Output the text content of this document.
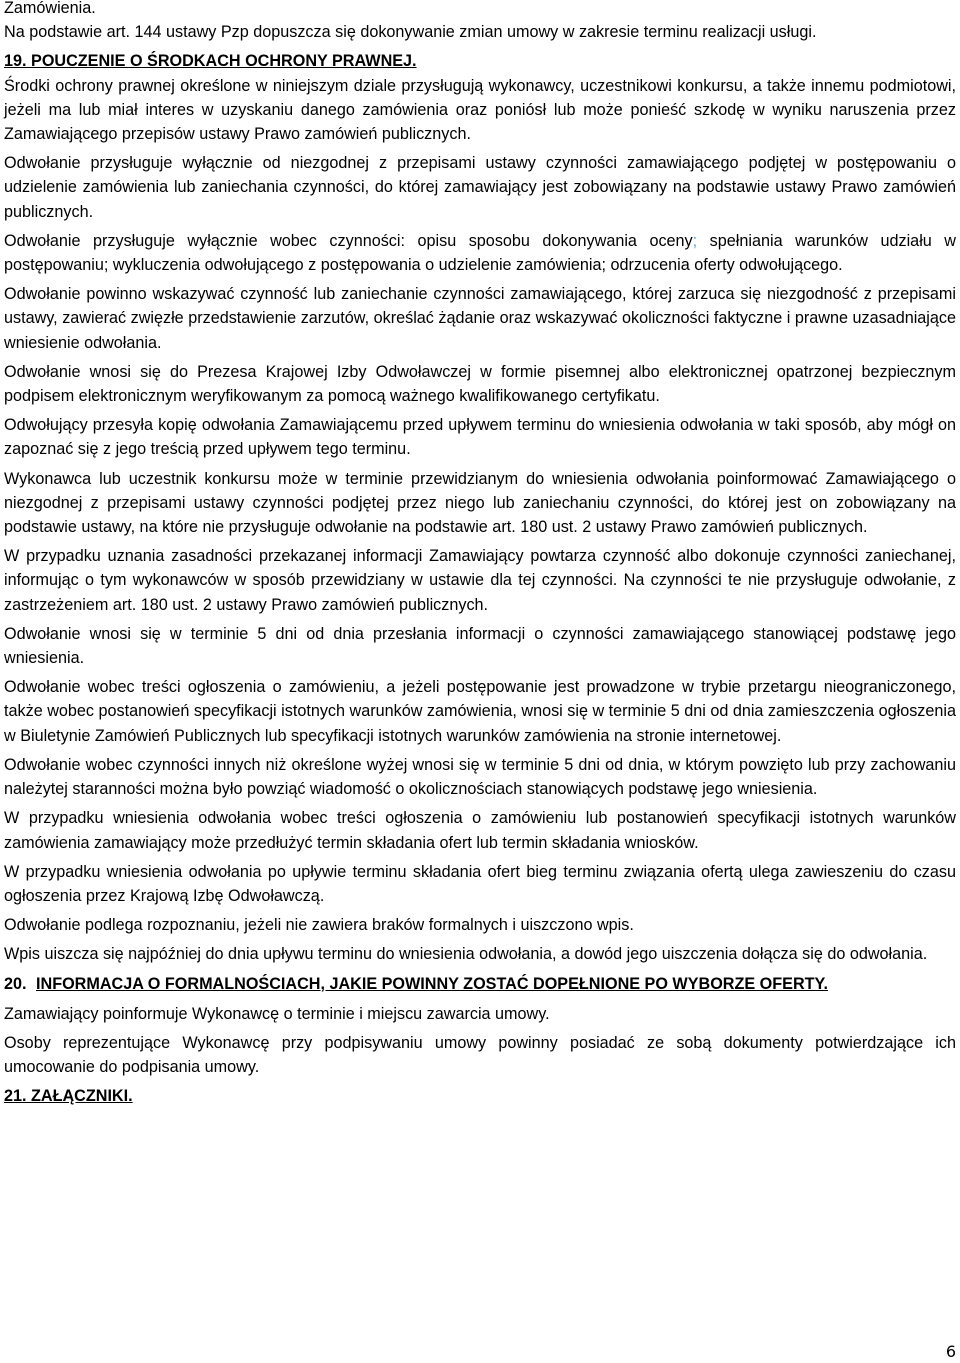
Zamówienia.

Na podstawie art. 144 ustawy Pzp dopuszcza się dokonywanie zmian umowy w zakresie terminu realizacji usługi.

19. POUCZENIE O ŚRODKACH OCHRONY PRAWNEJ.

Środki ochrony prawnej określone w niniejszym dziale przysługują wykonawcy, uczestnikowi konkursu, a także innemu podmiotowi, jeżeli ma lub miał interes w uzyskaniu danego zamówienia oraz poniósł lub może ponieść szkodę w wyniku naruszenia przez Zamawiającego przepisów ustawy Prawo zamówień publicznych.

Odwołanie przysługuje wyłącznie od niezgodnej z przepisami ustawy czynności zamawiającego podjętej w postępowaniu o udzielenie zamówienia lub zaniechania czynności, do której zamawiający jest zobowiązany na podstawie ustawy Prawo zamówień publicznych.

Odwołanie przysługuje wyłącznie wobec czynności: opisu sposobu dokonywania oceny; spełniania warunków udziału w postępowaniu; wykluczenia odwołującego z postępowania o udzielenie zamówienia; odrzucenia oferty odwołującego.

Odwołanie powinno wskazywać czynność lub zaniechanie czynności zamawiającego, której zarzuca się niezgodność z przepisami ustawy, zawierać zwięzłe przedstawienie zarzutów, określać żądanie oraz wskazywać okoliczności faktyczne i prawne uzasadniające wniesienie odwołania.

Odwołanie wnosi się do Prezesa Krajowej Izby Odwoławczej w formie pisemnej albo elektronicznej opatrzonej bezpiecznym podpisem elektronicznym weryfikowanym za pomocą ważnego kwalifikowanego certyfikatu.

Odwołujący przesyła kopię odwołania Zamawiającemu przed upływem terminu do wniesienia odwołania w taki sposób, aby mógł on zapoznać się z jego treścią przed upływem tego terminu.

Wykonawca lub uczestnik konkursu może w terminie przewidzianym do wniesienia odwołania poinformować Zamawiającego o niezgodnej z przepisami ustawy czynności podjętej przez niego lub zaniechaniu czynności, do której jest on zobowiązany na podstawie ustawy, na które nie przysługuje odwołanie na podstawie art. 180 ust. 2 ustawy Prawo zamówień publicznych.

W przypadku uznania zasadności przekazanej informacji Zamawiający powtarza czynność albo dokonuje czynności zaniechanej, informując o tym wykonawców w sposób przewidziany w ustawie dla tej czynności. Na czynności te nie przysługuje odwołanie, z zastrzeżeniem art. 180 ust. 2 ustawy Prawo zamówień publicznych.

Odwołanie wnosi się w terminie 5 dni od dnia przesłania informacji o czynności zamawiającego stanowiącej podstawę jego wniesienia.

Odwołanie wobec treści ogłoszenia o zamówieniu, a jeżeli postępowanie jest prowadzone w trybie przetargu nieograniczonego, także wobec postanowień specyfikacji istotnych warunków zamówienia, wnosi się w terminie 5 dni od dnia zamieszczenia ogłoszenia w Biuletynie Zamówień Publicznych lub specyfikacji istotnych warunków zamówienia na stronie internetowej.

Odwołanie wobec czynności innych niż określone wyżej wnosi się w terminie 5 dni od dnia, w którym powzięto lub przy zachowaniu należytej staranności można było powziąć wiadomość o okolicznościach stanowiących podstawę jego wniesienia.

W przypadku wniesienia odwołania wobec treści ogłoszenia o zamówieniu lub postanowień specyfikacji istotnych warunków zamówienia zamawiający może przedłużyć termin składania ofert lub termin składania wniosków.

W przypadku wniesienia odwołania po upływie terminu składania ofert bieg terminu związania ofertą ulega zawieszeniu do czasu ogłoszenia przez Krajową Izbę Odwoławczą.

Odwołanie podlega rozpoznaniu, jeżeli nie zawiera braków formalnych i uiszczono wpis.

Wpis uiszcza się najpóźniej do dnia upływu terminu do wniesienia odwołania, a dowód jego uiszczenia dołącza się do odwołania.

20. INFORMACJA O FORMALNOŚCIACH, JAKIE POWINNY ZOSTAĆ DOPEŁNIONE PO WYBORZE OFERTY.

Zamawiający poinformuje Wykonawcę o terminie i miejscu zawarcia umowy.

Osoby reprezentujące Wykonawcę przy podpisywaniu umowy powinny posiadać ze sobą dokumenty potwierdzające ich umocowanie do podpisania umowy.

21. ZAŁĄCZNIKI.

6
